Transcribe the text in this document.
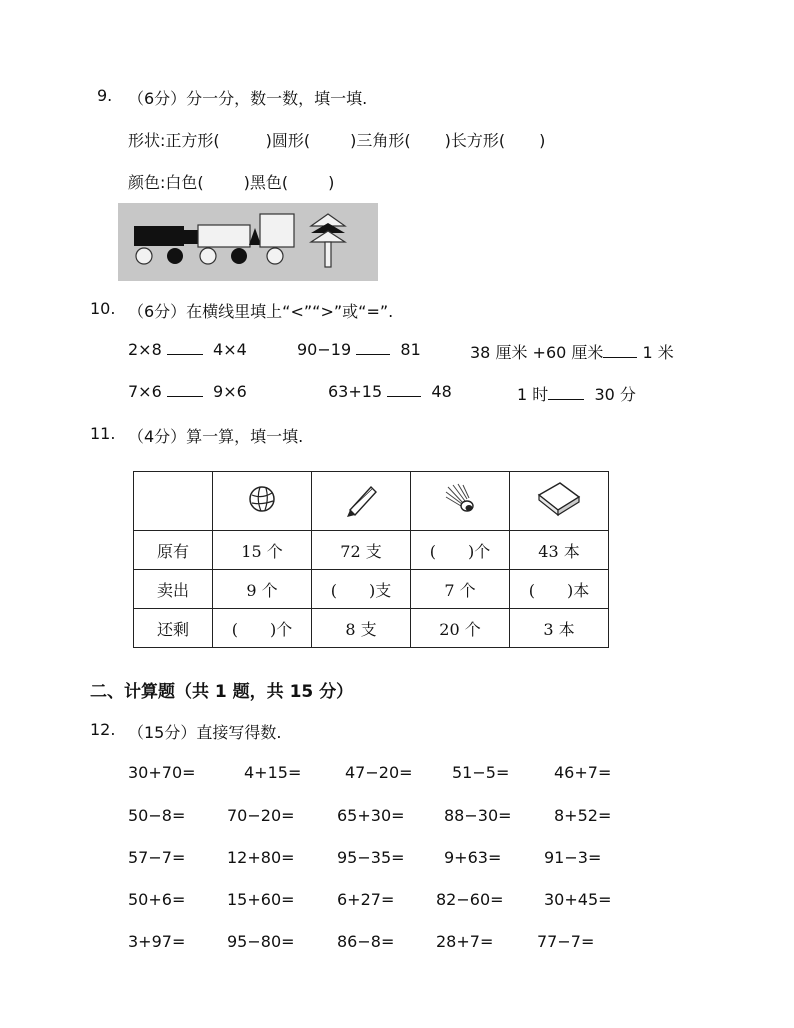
9. （6分）分一分，数一数，填一填.
形状:正方形(	)圆形(	)三角形( )长方形( )
颜色:白色(	)黑色(	)
10. （6分）在横线里填上“<”“>”或“=”.
2×8	4×4	90−19	81	38 厘米 +60 厘米 1 米
7×6	9×6	63+15	48	1 时	30 分
11. （4分）算一算，填一填.

原有	15 个	72 支	(　　)个	43 本
卖出	9 个	(　　)支	7 个	(　　)本
还剩	(　　)个	8 支	20 个	3 本
二、计算题（共 1 题，共 15 分）
12. （15分）直接写得数.
30+70=	4+15=	47−20= 51−5=	46+7=
50−8=	70−20=	65+30= 88−30=	8+52=
57−7=	12+80=	95−35= 9+63=	91−3=
50+6=	15+60=	6+27=	82−60=	30+45=
3+97=	95−80=	86−8=	28+7=	77−7=
